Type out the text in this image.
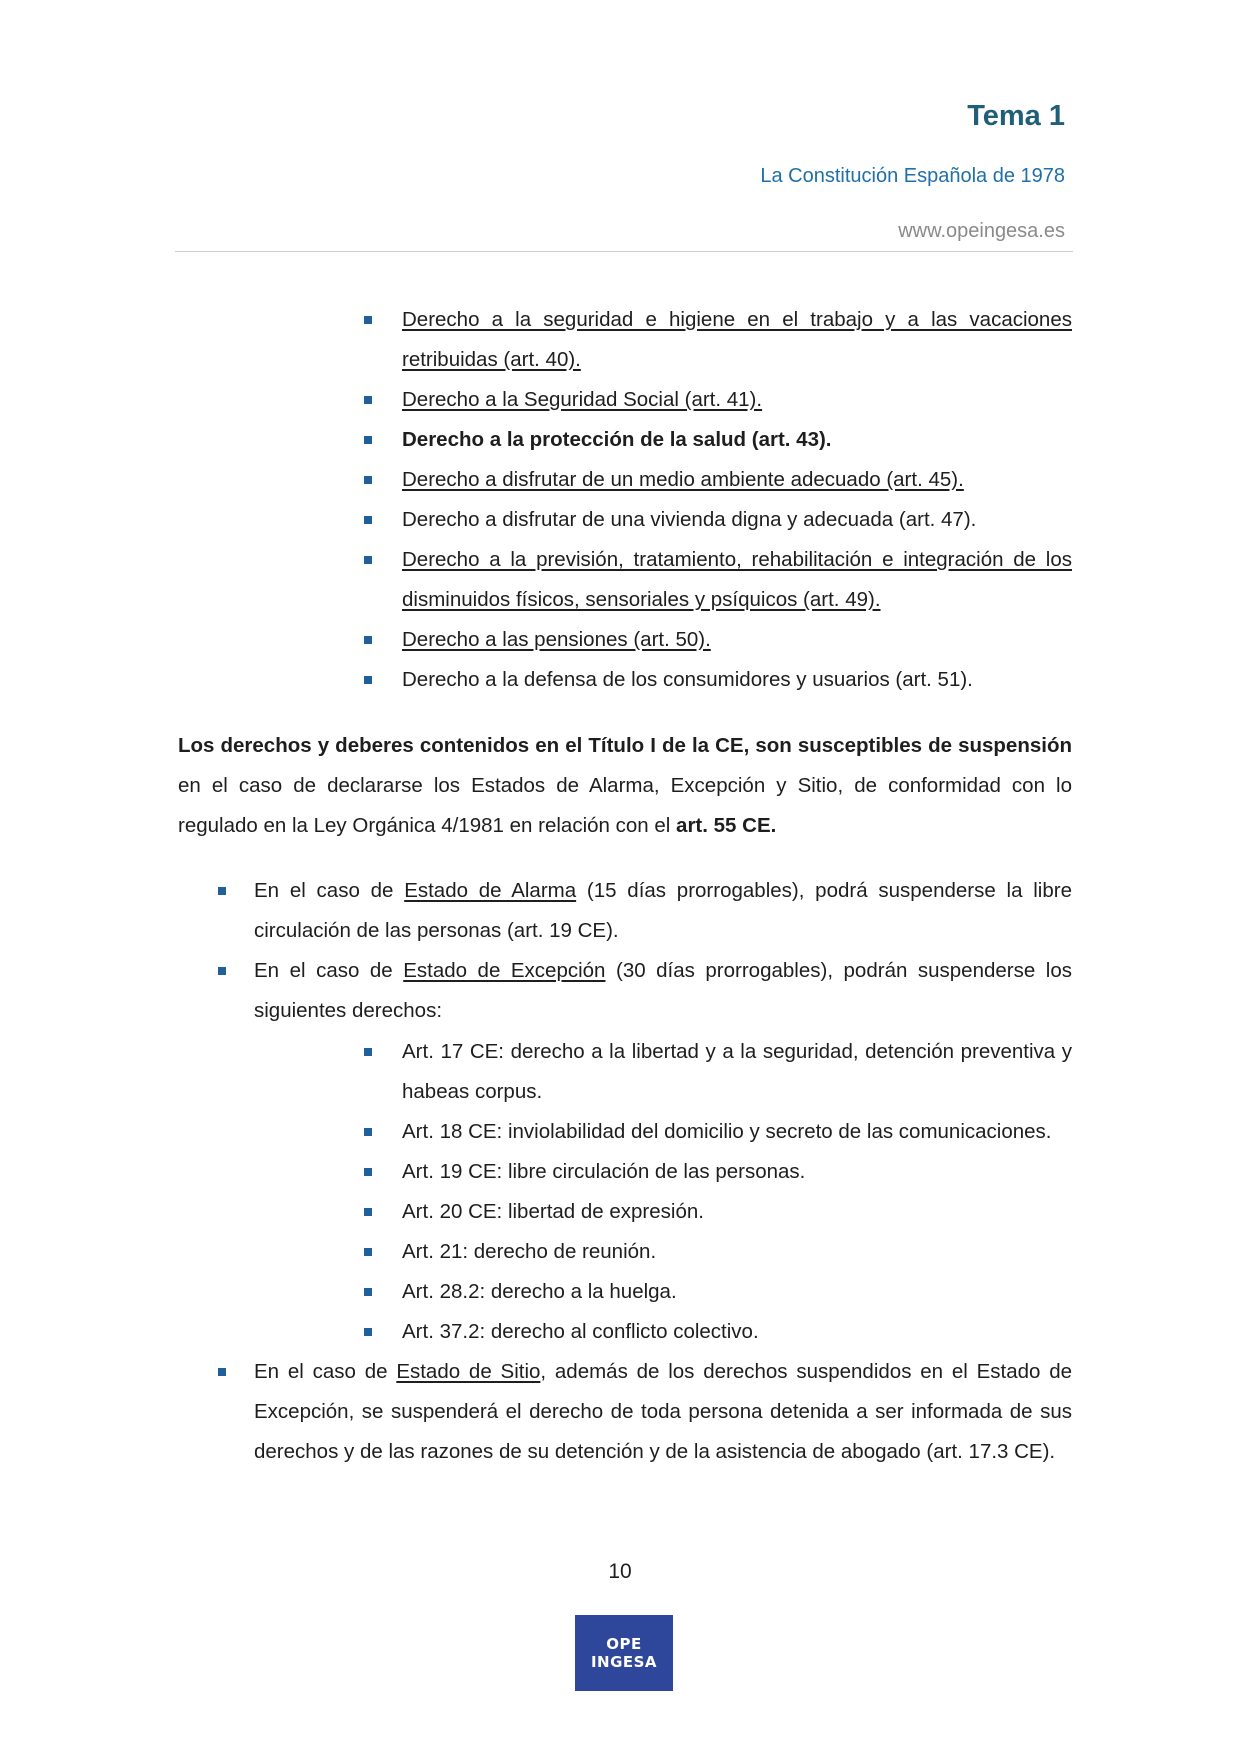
Tema 1
La Constitución Española de 1978
www.opeingesa.es
Derecho a la seguridad e higiene en el trabajo y a las vacaciones retribuidas (art. 40).
Derecho a la Seguridad Social (art. 41).
Derecho a la protección de la salud (art. 43).
Derecho a disfrutar de un medio ambiente adecuado (art. 45).
Derecho a disfrutar de una vivienda digna y adecuada (art. 47).
Derecho a la previsión, tratamiento, rehabilitación e integración de los disminuidos físicos, sensoriales y psíquicos (art. 49).
Derecho a las pensiones (art. 50).
Derecho a la defensa de los consumidores y usuarios (art. 51).

Los derechos y deberes contenidos en el Título I de la CE, son susceptibles de suspensión en el caso de declararse los Estados de Alarma, Excepción y Sitio, de conformidad con lo regulado en la Ley Orgánica 4/1981 en relación con el art. 55 CE.

En el caso de Estado de Alarma (15 días prorrogables), podrá suspenderse la libre circulación de las personas (art. 19 CE).
En el caso de Estado de Excepción (30 días prorrogables), podrán suspenderse los siguientes derechos:
Art. 17 CE: derecho a la libertad y a la seguridad, detención preventiva y habeas corpus.
Art. 18 CE: inviolabilidad del domicilio y secreto de las comunicaciones.
Art. 19 CE: libre circulación de las personas.
Art. 20 CE: libertad de expresión.
Art. 21: derecho de reunión.
Art. 28.2: derecho a la huelga.
Art. 37.2: derecho al conflicto colectivo.
En el caso de Estado de Sitio, además de los derechos suspendidos en el Estado de Excepción, se suspenderá el derecho de toda persona detenida a ser informada de sus derechos y de las razones de su detención y de la asistencia de abogado (art. 17.3 CE).
10
OPE
INGESA
